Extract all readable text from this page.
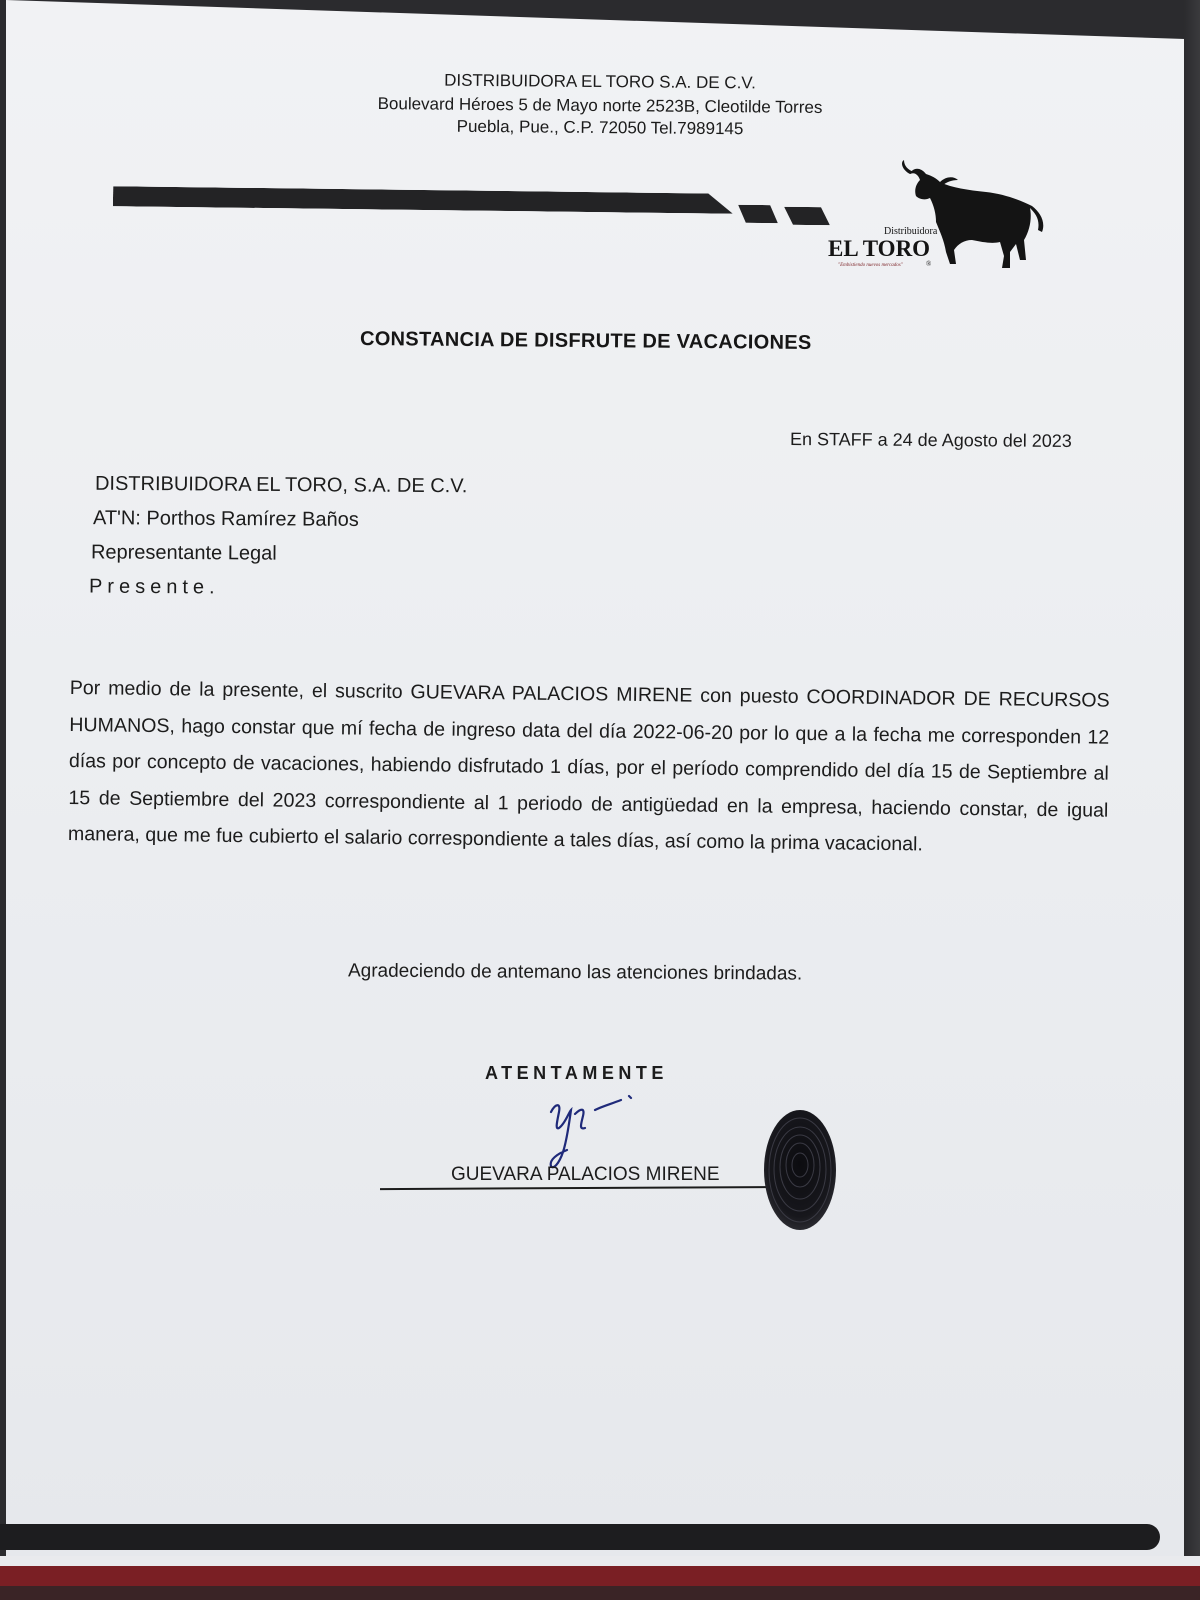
DISTRIBUIDORA EL TORO S.A. DE C.V.
Boulevard Héroes 5 de Mayo norte 2523B, Cleotilde Torres
Puebla, Pue., C.P. 72050 Tel.7989145
Distribuidora
EL TORO
"Embistiendo nuevos mercados"	®
CONSTANCIA DE DISFRUTE DE VACACIONES
En STAFF a 24 de Agosto del 2023
DISTRIBUIDORA EL TORO, S.A. DE C.V.
AT'N: Porthos Ramírez Baños
Representante Legal
Presente.
Por medio de la presente, el suscrito GUEVARA PALACIOS MIRENE con puesto COORDINADOR DE RECURSOS HUMANOS, hago constar que mí fecha de ingreso data del día 2022-06-20 por lo que a la fecha me corresponden 12 días por concepto de vacaciones, habiendo disfrutado 1 días, por el período comprendido del día 15 de Septiembre al 15 de Septiembre del 2023 correspondiente al 1 periodo de antigüedad en la empresa, haciendo constar, de igual manera, que me fue cubierto el salario correspondiente a tales días, así como la prima vacacional.
Agradeciendo de antemano las atenciones brindadas.
ATENTAMENTE
GUEVARA PALACIOS MIRENE
